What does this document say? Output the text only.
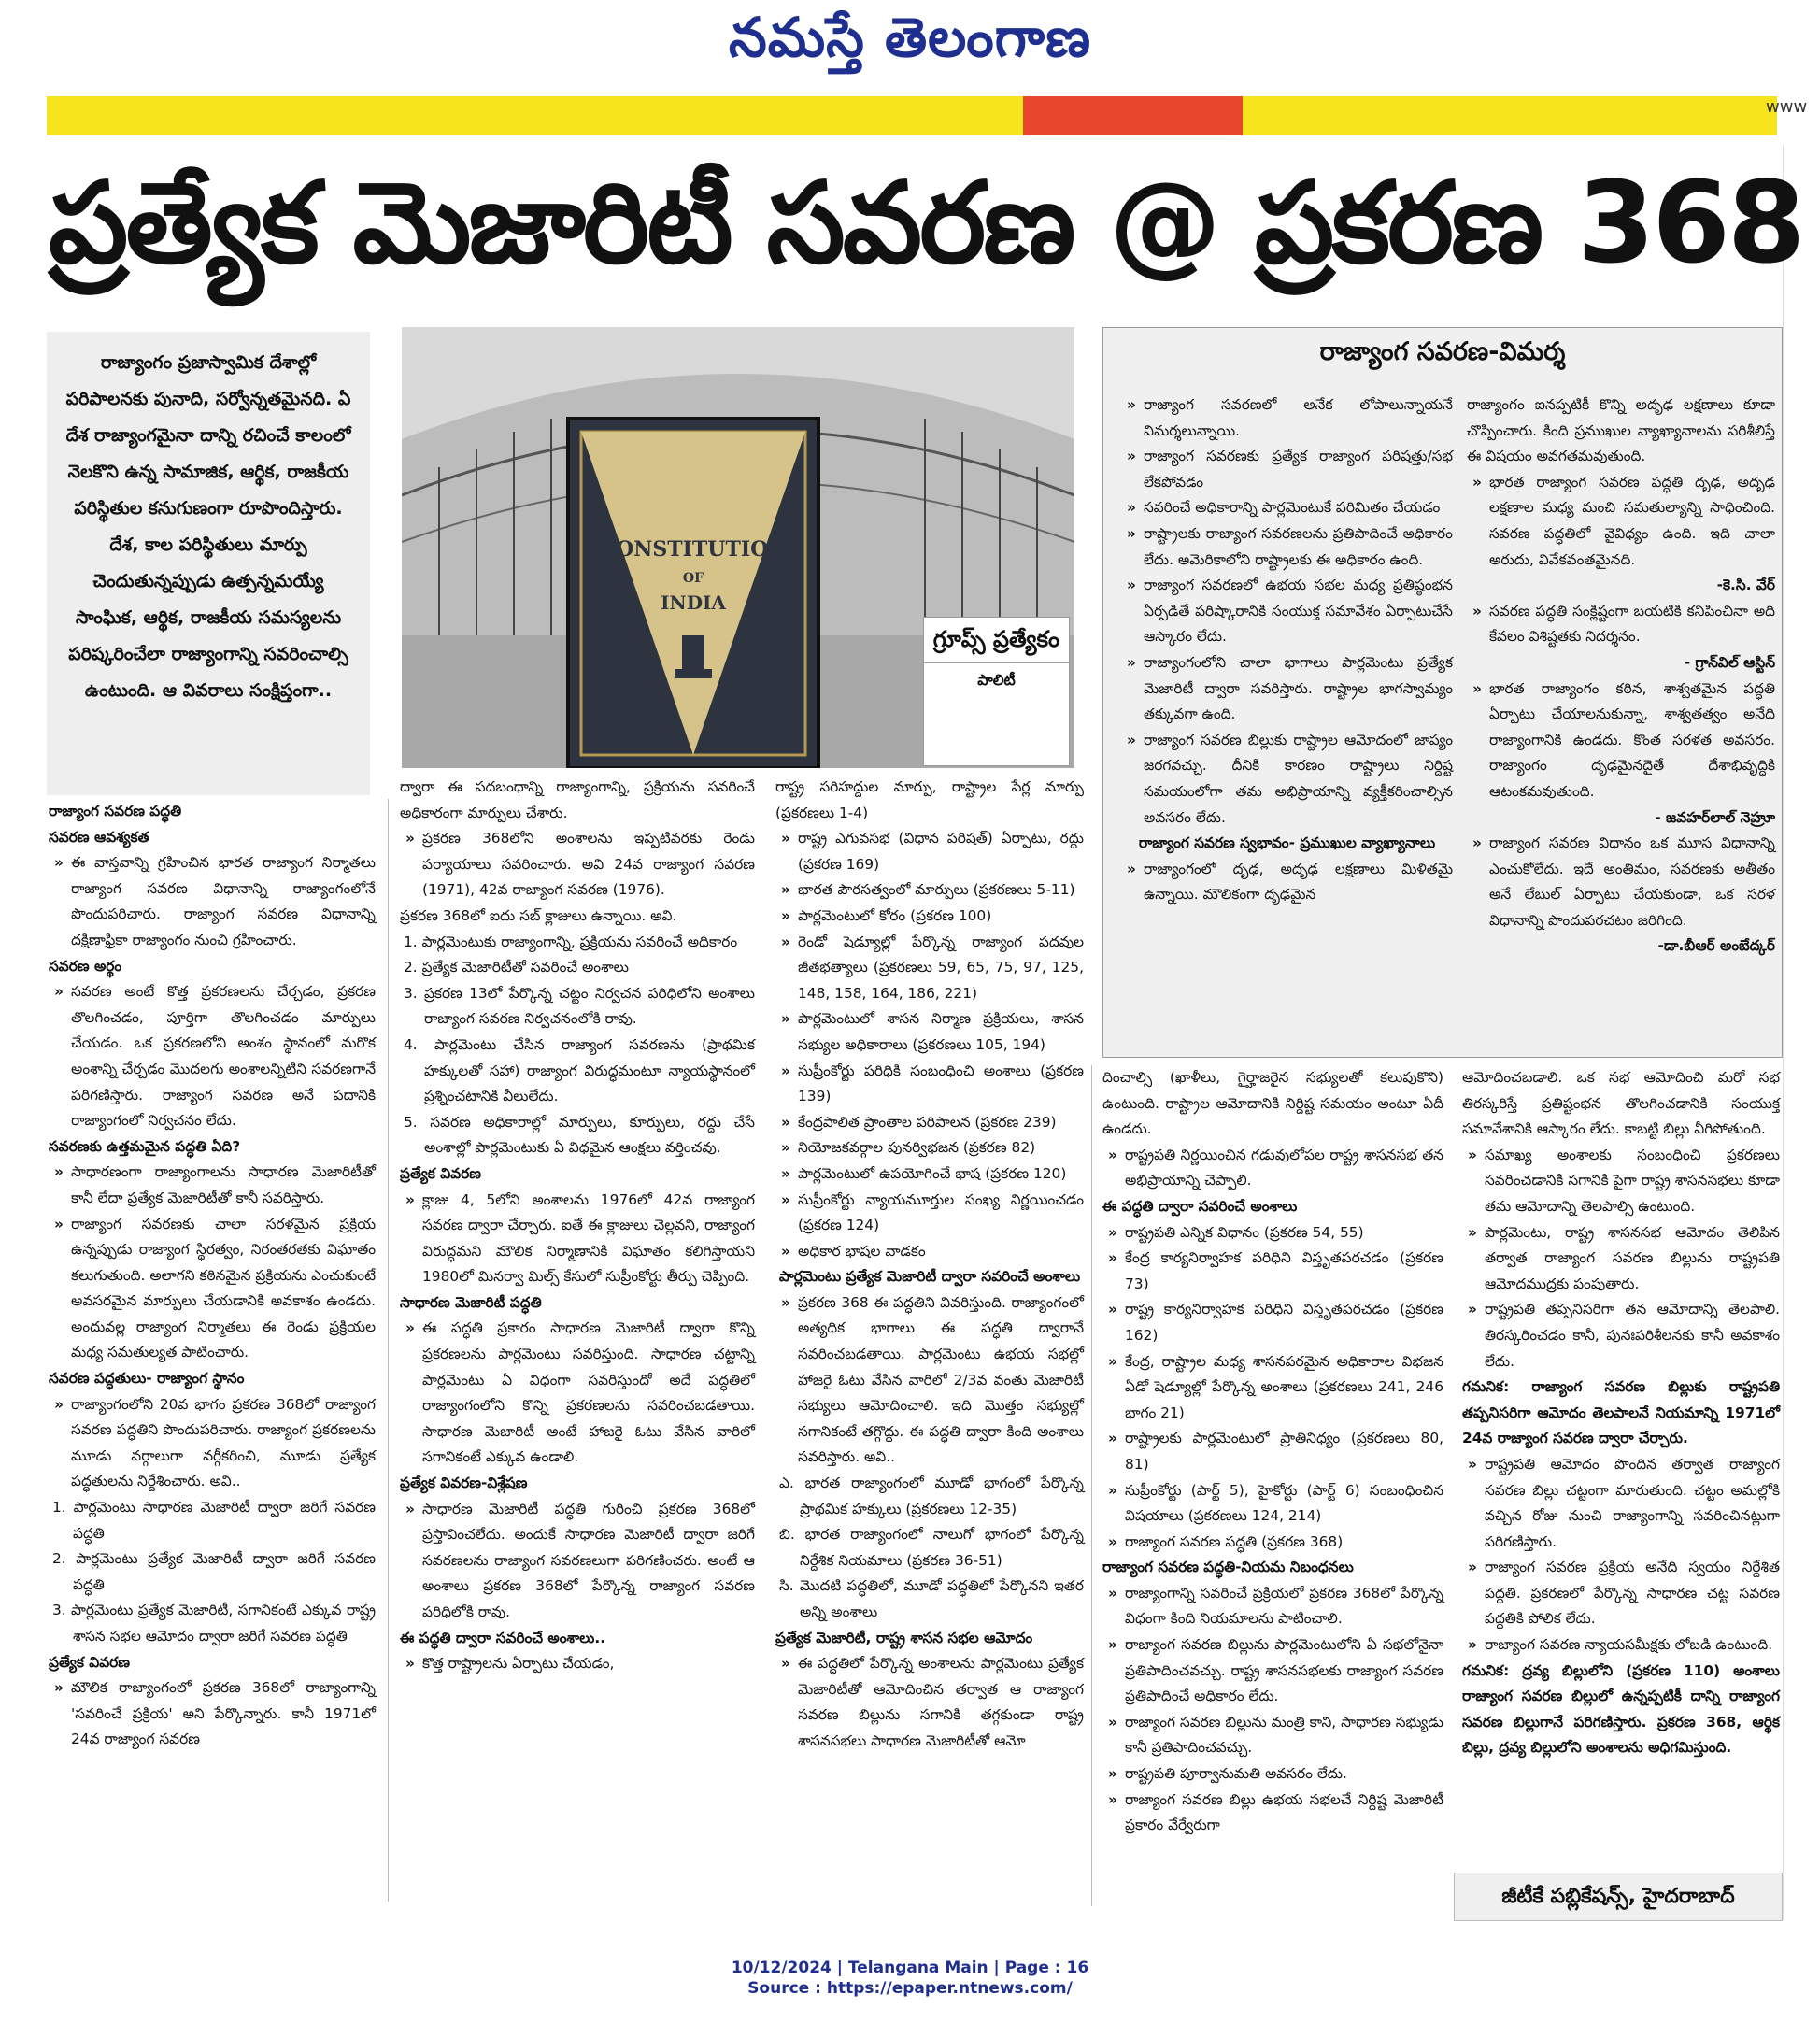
నమస్తే తెలంగాణ
www
ప్రత్యేక మెజారిటీ సవరణ @ ప్రకరణ 368

రాజ్యాంగం ప్రజాస్వామిక దేశాల్లో పరిపాలనకు పునాది, సర్వోన్నతమైనది. ఏ దేశ రాజ్యాంగమైనా దాన్ని రచించే కాలంలో నెలకొని ఉన్న సామాజిక, ఆర్థిక, రాజకీయ పరిస్థితుల కనుగుణంగా రూపొందిస్తారు. దేశ, కాల పరిస్థితులు మార్పు చెందుతున్నప్పుడు ఉత్పన్నమయ్యే సాంఘిక, ఆర్థిక, రాజకీయ సమస్యలను పరిష్కరించేలా రాజ్యాంగాన్ని సవరించాల్సి ఉంటుంది. ఆ వివరాలు సంక్షిప్తంగా..

CONSTITUTION
OF
INDIA
గ్రూప్స్ ప్రత్యేకం
పాలిటీ

రాజ్యాంగ సవరణ పద్ధతి

సవరణ ఆవశ్యకత

» ఈ వాస్తవాన్ని గ్రహించిన భారత రాజ్యాంగ నిర్మాతలు రాజ్యాంగ సవరణ విధానాన్ని రాజ్యాంగంలోనే పొందుపరిచారు. రాజ్యాంగ సవరణ విధానాన్ని దక్షిణాఫ్రికా రాజ్యాంగం నుంచి గ్రహించారు.

సవరణ అర్థం

» సవరణ అంటే కొత్త ప్రకరణలను చేర్చడం, ప్రకరణ తొలగించడం, పూర్తిగా తొలగించడం మార్పులు చేయడం. ఒక ప్రకరణలోని అంశం స్థానంలో మరొక అంశాన్ని చేర్చడం మొదలగు అంశాలన్నిటిని సవరణగానే పరిగణిస్తారు. రాజ్యాంగ సవరణ అనే పదానికి రాజ్యాంగంలో నిర్వచనం లేదు.

సవరణకు ఉత్తమమైన పద్ధతి ఏది?

» సాధారణంగా రాజ్యాంగాలను సాధారణ మెజారిటీతో కానీ లేదా ప్రత్యేక మెజారిటీతో కానీ సవరిస్తారు.

» రాజ్యాంగ సవరణకు చాలా సరళమైన ప్రక్రియ ఉన్నప్పుడు రాజ్యాంగ స్థిరత్వం, నిరంతరతకు విఘాతం కలుగుతుంది. అలాగని కఠినమైన ప్రక్రియను ఎంచుకుంటే అవసరమైన మార్పులు చేయడానికి అవకాశం ఉండదు. అందువల్ల రాజ్యాంగ నిర్మాతలు ఈ రెండు ప్రక్రియల మధ్య సమతుల్యత పాటించారు.

సవరణ పద్ధతులు- రాజ్యాంగ స్థానం

» రాజ్యాంగంలోని 20వ భాగం ప్రకరణ 368లో రాజ్యాంగ సవరణ పద్ధతిని పొందుపరిచారు. రాజ్యాంగ ప్రకరణలను మూడు వర్గాలుగా వర్గీకరించి, మూడు ప్రత్యేక పద్ధతులను నిర్దేశించారు. అవి..

1. పార్లమెంటు సాధారణ మెజారిటీ ద్వారా జరిగే సవరణ పద్ధతి

2. పార్లమెంటు ప్రత్యేక మెజారిటీ ద్వారా జరిగే సవరణ పద్ధతి

3. పార్లమెంటు ప్రత్యేక మెజారిటీ, సగానికంటే ఎక్కువ రాష్ట్ర శాసన సభల ఆమోదం ద్వారా జరిగే సవరణ పద్ధతి

ప్రత్యేక వివరణ

» మౌలిక రాజ్యాంగంలో ప్రకరణ 368లో రాజ్యాంగాన్ని 'సవరించే ప్రక్రియ' అని పేర్కొన్నారు. కానీ 1971లో 24వ రాజ్యాంగ సవరణ

ద్వారా ఈ పదబంధాన్ని రాజ్యాంగాన్ని, ప్రక్రియను సవరించే అధికారంగా మార్పులు చేశారు.

» ప్రకరణ 368లోని అంశాలను ఇప్పటివరకు రెండు పర్యాయాలు సవరించారు. అవి 24వ రాజ్యాంగ సవరణ (1971), 42వ రాజ్యాంగ సవరణ (1976).

ప్రకరణ 368లో ఐదు సబ్ క్లాజులు ఉన్నాయి. అవి.

1. పార్లమెంటుకు రాజ్యాంగాన్ని, ప్రక్రియను సవరించే అధికారం

2. ప్రత్యేక మెజారిటీతో సవరించే అంశాలు

3. ప్రకరణ 13లో పేర్కొన్న చట్టం నిర్వచన పరిధిలోని అంశాలు రాజ్యాంగ సవరణ నిర్వచనంలోకి రావు.

4. పార్లమెంటు చేసిన రాజ్యాంగ సవరణను (ప్రాథమిక హక్కులతో సహా) రాజ్యాంగ విరుద్ధమంటూ న్యాయస్థానంలో ప్రశ్నించటానికి వీలులేదు.

5. సవరణ అధికారాల్లో మార్పులు, కూర్పులు, రద్దు చేసే అంశాల్లో పార్లమెంటుకు ఏ విధమైన ఆంక్షలు వర్తించవు.

ప్రత్యేక వివరణ

» క్లాజు 4, 5లోని అంశాలను 1976లో 42వ రాజ్యాంగ సవరణ ద్వారా చేర్చారు. ఐతే ఈ క్లాజులు చెల్లవని, రాజ్యాంగ విరుద్ధమని మౌలిక నిర్మాణానికి విఘాతం కలిగిస్తాయని 1980లో మినర్వా మిల్స్ కేసులో సుప్రీంకోర్టు తీర్పు చెప్పింది.

సాధారణ మెజారిటీ పద్ధతి

» ఈ పద్ధతి ప్రకారం సాధారణ మెజారిటీ ద్వారా కొన్ని ప్రకరణలను పార్లమెంటు సవరిస్తుంది. సాధారణ చట్టాన్ని పార్లమెంటు ఏ విధంగా సవరిస్తుందో అదే పద్ధతిలో రాజ్యాంగంలోని కొన్ని ప్రకరణలను సవరించబడతాయి. సాధారణ మెజారిటీ అంటే హాజరై ఓటు వేసిన వారిలో సగానికంటే ఎక్కువ ఉండాలి.

ప్రత్యేక వివరణ-విశ్లేషణ

» సాధారణ మెజారిటీ పద్ధతి గురించి ప్రకరణ 368లో ప్రస్తావించలేదు. అందుకే సాధారణ మెజారిటీ ద్వారా జరిగే సవరణలను రాజ్యాంగ సవరణలుగా పరిగణించరు. అంటే ఆ అంశాలు ప్రకరణ 368లో పేర్కొన్న రాజ్యాంగ సవరణ పరిధిలోకి రావు.

ఈ పద్ధతి ద్వారా సవరించే అంశాలు..

» కొత్త రాష్ట్రాలను ఏర్పాటు చేయడం,

రాష్ట్ర సరిహద్దుల మార్పు, రాష్ట్రాల పేర్ల మార్పు (ప్రకరణలు 1-4)

» రాష్ట్ర ఎగువసభ (విధాన పరిషత్) ఏర్పాటు, రద్దు (ప్రకరణ 169)

» భారత పౌరసత్వంలో మార్పులు (ప్రకరణలు 5-11)

» పార్లమెంటులో కోరం (ప్రకరణ 100)

» రెండో షెడ్యూల్లో పేర్కొన్న రాజ్యాంగ పదవుల జీతభత్యాలు (ప్రకరణలు 59, 65, 75, 97, 125, 148, 158, 164, 186, 221)

» పార్లమెంటులో శాసన నిర్మాణ ప్రక్రియలు, శాసన సభ్యుల అధికారాలు (ప్రకరణలు 105, 194)

» సుప్రీంకోర్టు పరిధికి సంబంధించి అంశాలు (ప్రకరణ 139)

» కేంద్రపాలిత ప్రాంతాల పరిపాలన (ప్రకరణ 239)

» నియోజకవర్గాల పునర్విభజన (ప్రకరణ 82)

» పార్లమెంటులో ఉపయోగించే భాష (ప్రకరణ 120)

» సుప్రీంకోర్టు న్యాయమూర్తుల సంఖ్య నిర్ణయించడం (ప్రకరణ 124)

» అధికార భాషల వాడకం

పార్లమెంటు ప్రత్యేక మెజారిటీ ద్వారా సవరించే అంశాలు

» ప్రకరణ 368 ఈ పద్ధతిని వివరిస్తుంది. రాజ్యాంగంలో అత్యధిక భాగాలు ఈ పద్ధతి ద్వారానే సవరించబడతాయి. పార్లమెంటు ఉభయ సభల్లో హాజరై ఓటు వేసిన వారిలో 2/3వ వంతు మెజారిటీ సభ్యులు ఆమోదించాలి. ఇది మొత్తం సభ్యుల్లో సగానికంటే తగ్గొద్దు. ఈ పద్ధతి ద్వారా కింది అంశాలు సవరిస్తారు. అవి..

ఎ. భారత రాజ్యాంగంలో మూడో భాగంలో పేర్కొన్న ప్రాథమిక హక్కులు (ప్రకరణలు 12-35)

బి. భారత రాజ్యాంగంలో నాలుగో భాగంలో పేర్కొన్న నిర్దేశిక నియమాలు (ప్రకరణ 36-51)

సి. మొదటి పద్ధతిలో, మూడో పద్ధతిలో పేర్కొనని ఇతర అన్ని అంశాలు

ప్రత్యేక మెజారిటీ, రాష్ట్ర శాసన సభల ఆమోదం

» ఈ పద్ధతిలో పేర్కొన్న అంశాలను పార్లమెంటు ప్రత్యేక మెజారిటీతో ఆమోదించిన తర్వాత ఆ రాజ్యాంగ సవరణ బిల్లును సగానికి తగ్గకుండా రాష్ట్ర శాసనసభలు సాధారణ మెజారిటీతో ఆమో

రాజ్యాంగ సవరణ-విమర్శ

» రాజ్యాంగ సవరణలో అనేక లోపాలున్నాయనే విమర్శలున్నాయి.

» రాజ్యాంగ సవరణకు ప్రత్యేక రాజ్యాంగ పరిషత్తు/సభ లేకపోవడం

» సవరించే అధికారాన్ని పార్లమెంటుకే పరిమితం చేయడం

» రాష్ట్రాలకు రాజ్యాంగ సవరణలను ప్రతిపాదించే అధికారం లేదు. అమెరికాలోని రాష్ట్రాలకు ఈ అధికారం ఉంది.

» రాజ్యాంగ సవరణలో ఉభయ సభల మధ్య ప్రతిష్ఠంభన ఏర్పడితే పరిష్కారానికి సంయుక్త సమావేశం ఏర్పాటుచేసే ఆస్కారం లేదు.

» రాజ్యాంగంలోని చాలా భాగాలు పార్లమెంటు ప్రత్యేక మెజారిటీ ద్వారా సవరిస్తారు. రాష్ట్రాల భాగస్వామ్యం తక్కువగా ఉంది.

» రాజ్యాంగ సవరణ బిల్లుకు రాష్ట్రాల ఆమోదంలో జాప్యం జరగవచ్చు. దీనికి కారణం రాష్ట్రాలు నిర్దిష్ట సమయంలోగా తమ అభిప్రాయాన్ని వ్యక్తీకరించాల్సిన అవసరం లేదు.

రాజ్యాంగ సవరణ స్వభావం- ప్రముఖుల వ్యాఖ్యానాలు

» రాజ్యాంగంలో దృఢ, అదృఢ లక్షణాలు మిళితమై ఉన్నాయి. మౌలికంగా దృఢమైన

రాజ్యాంగం ఐనప్పటికీ కొన్ని అదృఢ లక్షణాలు కూడా చొప్పించారు. కింది ప్రముఖుల వ్యాఖ్యానాలను పరిశీలిస్తే ఈ విషయం అవగతమవుతుంది.

» భారత రాజ్యాంగ సవరణ పద్ధతి దృఢ, అదృఢ లక్షణాల మధ్య మంచి సమతుల్యాన్ని సాధించింది. సవరణ పద్ధతిలో వైవిధ్యం ఉంది. ఇది చాలా అరుదు, వివేకవంతమైనది.

-కె.సి. వేర్

» సవరణ పద్ధతి సంక్లిష్టంగా బయటికి కనిపించినా అది కేవలం విశిష్టతకు నిదర్శనం.

- గ్రాన్‌విల్ ఆస్టిన్

» భారత రాజ్యాంగం కఠిన, శాశ్వతమైన పద్ధతి ఏర్పాటు చేయాలనుకున్నా, శాశ్వతత్వం అనేది రాజ్యాంగానికి ఉండదు. కొంత సరళత అవసరం. రాజ్యాంగం దృఢమైనదైతే దేశాభివృద్ధికి ఆటంకమవుతుంది.

- జవహర్‌లాల్ నెహ్రూ

» రాజ్యాంగ సవరణ విధానం ఒక మూస విధానాన్ని ఎంచుకోలేదు. ఇదే అంతిమం, సవరణకు అతీతం అనే లేబుల్ ఏర్పాటు చేయకుండా, ఒక సరళ విధానాన్ని పొందుపరచటం జరిగింది.

-డా.బీఆర్ అంబేద్కర్

దించాల్సి (ఖాళీలు, గైర్హాజరైన సభ్యులతో కలుపుకొని) ఉంటుంది. రాష్ట్రాల ఆమోదానికి నిర్దిష్ట సమయం అంటూ ఏదీ ఉండదు.

» రాష్ట్రపతి నిర్ణయించిన గడువులోపల రాష్ట్ర శాసనసభ తన అభిప్రాయాన్ని చెప్పాలి.

ఈ పద్ధతి ద్వారా సవరించే అంశాలు

» రాష్ట్రపతి ఎన్నిక విధానం (ప్రకరణ 54, 55)

» కేంద్ర కార్యనిర్వాహక పరిధిని విస్తృతపరచడం (ప్రకరణ 73)

» రాష్ట్ర కార్యనిర్వాహక పరిధిని విస్తృతపరచడం (ప్రకరణ 162)

» కేంద్ర, రాష్ట్రాల మధ్య శాసనపరమైన అధికారాల విభజన ఏడో షెడ్యూల్లో పేర్కొన్న అంశాలు (ప్రకరణలు 241, 246 భాగం 21)

» రాష్ట్రాలకు పార్లమెంటులో ప్రాతినిధ్యం (ప్రకరణలు 80, 81)

» సుప్రీంకోర్టు (పార్ట్ 5), హైకోర్టు (పార్ట్ 6) సంబంధించిన విషయాలు (ప్రకరణలు 124, 214)

» రాజ్యాంగ సవరణ పద్ధతి (ప్రకరణ 368)

రాజ్యాంగ సవరణ పద్ధతి-నియమ నిబంధనలు

» రాజ్యాంగాన్ని సవరించే ప్రక్రియలో ప్రకరణ 368లో పేర్కొన్న విధంగా కింది నియమాలను పాటించాలి.

» రాజ్యాంగ సవరణ బిల్లును పార్లమెంటులోని ఏ సభలోనైనా ప్రతిపాదించవచ్చు. రాష్ట్ర శాసనసభలకు రాజ్యాంగ సవరణ ప్రతిపాదించే అధికారం లేదు.

» రాజ్యాంగ సవరణ బిల్లును మంత్రి కాని, సాధారణ సభ్యుడు కానీ ప్రతిపాదించవచ్చు.

» రాష్ట్రపతి పూర్వానుమతి అవసరం లేదు.

» రాజ్యాంగ సవరణ బిల్లు ఉభయ సభలచే నిర్దిష్ట మెజారిటీ ప్రకారం వేర్వేరుగా

ఆమోదించబడాలి. ఒక సభ ఆమోదించి మరో సభ తిరస్కరిస్తే ప్రతిష్టంభన తొలగించడానికి సంయుక్త సమావేశానికి ఆస్కారం లేదు. కాబట్టి బిల్లు వీగిపోతుంది.

» సమాఖ్య అంశాలకు సంబంధించి ప్రకరణలు సవరించడానికి సగానికి పైగా రాష్ట్ర శాసనసభలు కూడా తమ ఆమోదాన్ని తెలపాల్సి ఉంటుంది.

» పార్లమెంటు, రాష్ట్ర శాసనసభ ఆమోదం తెలిపిన తర్వాత రాజ్యాంగ సవరణ బిల్లును రాష్ట్రపతి ఆమోదముద్రకు పంపుతారు.

» రాష్ట్రపతి తప్పనిసరిగా తన ఆమోదాన్ని తెలపాలి. తిరస్కరించడం కానీ, పునఃపరిశీలనకు కానీ అవకాశం లేదు.

గమనిక: రాజ్యాంగ సవరణ బిల్లుకు రాష్ట్రపతి తప్పనిసరిగా ఆమోదం తెలపాలనే నియమాన్ని 1971లో 24వ రాజ్యాంగ సవరణ ద్వారా చేర్చారు.

» రాష్ట్రపతి ఆమోదం పొందిన తర్వాత రాజ్యాంగ సవరణ బిల్లు చట్టంగా మారుతుంది. చట్టం అమల్లోకి వచ్చిన రోజు నుంచి రాజ్యాంగాన్ని సవరించినట్లుగా పరిగణిస్తారు.

» రాజ్యాంగ సవరణ ప్రక్రియ అనేది స్వయం నిర్దేశిత పద్ధతి. ప్రకరణలో పేర్కొన్న సాధారణ చట్ట సవరణ పద్ధతికి పోలిక లేదు.

» రాజ్యాంగ సవరణ న్యాయసమీక్షకు లోబడి ఉంటుంది.

గమనిక: ద్రవ్య బిల్లులోని (ప్రకరణ 110) అంశాలు రాజ్యాంగ సవరణ బిల్లులో ఉన్నప్పటికీ దాన్ని రాజ్యాంగ సవరణ బిల్లుగానే పరిగణిస్తారు. ప్రకరణ 368, ఆర్థిక బిల్లు, ద్రవ్య బిల్లులోని అంశాలను అధిగమిస్తుంది.

జీటీకే పబ్లికేషన్స్, హైదరాబాద్
10/12/2024 | Telangana Main | Page : 16
Source : https://epaper.ntnews.com/
